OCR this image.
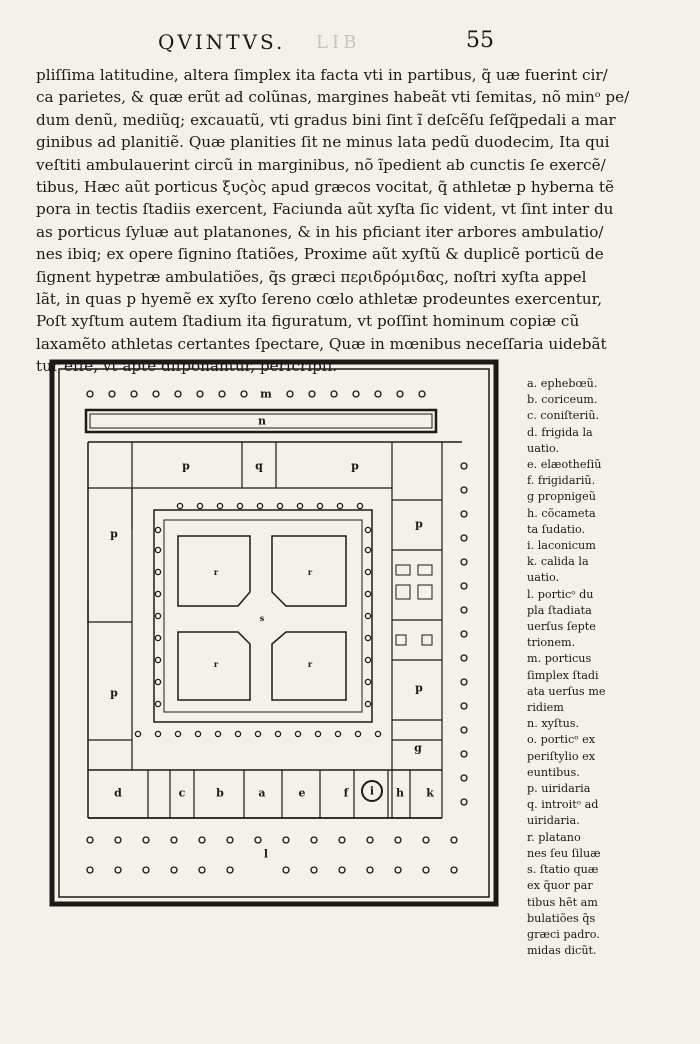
QVINTVS. LIB	55
pliſſima latitudine, altera ſimplex ita facta vti in partibus, q̃ uæ fuerint cir/
ca parietes, & quæ erũt ad colũnas, margines habeãt vti ſemitas, nõ minᵒ pe/
dum denũ, mediũq; excauatũ, vti gradus bini ſint ĩ deſcẽſu ſeſq̃pedali a mar
ginibus ad planitiẽ. Quæ planities ſit ne minus lata pedũ duodecim, Ita qui
veſtiti ambulauerint circũ in marginibus, nõ ĩpedient ab cunctis ſe exercẽ/
tibus, Hæc aũt porticus ξυϛὸς apud græcos vocitat, q̃ athletæ p hyberna tẽ
pora in tectis ſtadiis exercent, Faciunda aũt xyſta ſic vident, vt ſint inter du
as porticus ſyluæ aut platanones, & in his pficiant iter arbores ambulatio/
nes ibiq; ex opere ſignino ſtatiões, Proxime aũt xyſtũ & duplicẽ porticũ de
ſignent hypetræ ambulatiões, q̃s græci περιδρόμιδας, noſtri xyſta appel
lãt, in quas p hyemẽ ex xyſto ſereno cœlo athletæ prodeuntes exercentur,
Poſt xyſtum autem ſtadium ita figuratum, vt poſſint hominum copiæ cũ
laxamẽto athletas certantes ſpectare, Quæ in mœnibus neceſſaria uidebãt
tur eſſe, vt apte diſponantur, perſcripſi.
m
n
p	q	p
p
p
r	r
s
r	r
p	p
g
d	c	b	a	e	f i h k
l
a. ephebœũ.
b. coriceum.
c. coniſteriũ.
d. frigida la
uatio.
e. elæotheſiũ
f. frigidariũ.
g propnigeũ
h. cõcameta
ta ſudatio.
i. laconicum
k. calida la
uatio.
l. porticᵒ du
pla ſtadiata
uerſus ſepte
trionem.
m. porticus
ſimplex ſtadi
ata uerſus me
ridiem
n. xyſtus.
o. porticᵒ ex
periſtylio ex
euntibus.
p. uiridaria
q. introitᵒ ad
uiridaria.
r. platano
nes ſeu ſiluæ
s. ſtatio quæ
ex q̃uor par
tibus hẽt am
bulatiões q̃s
græci padro.
midas dicũt.
